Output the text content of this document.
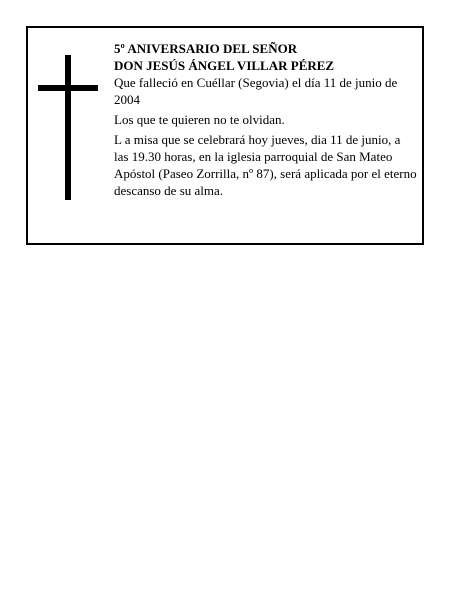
5º ANIVERSARIO DEL SEÑOR

DON JESÚS ÁNGEL VILLAR PÉREZ

Que falleció en Cuéllar (Segovia) el día 11 de junio de 2004

Los que te quieren no te olvidan.

L a misa que se celebrará hoy jueves, dia 11 de junio, a las 19.30 horas, en la iglesia parroquial de San Mateo Apóstol (Paseo Zorrilla, nº 87), será aplicada por el eterno descanso de su alma.
